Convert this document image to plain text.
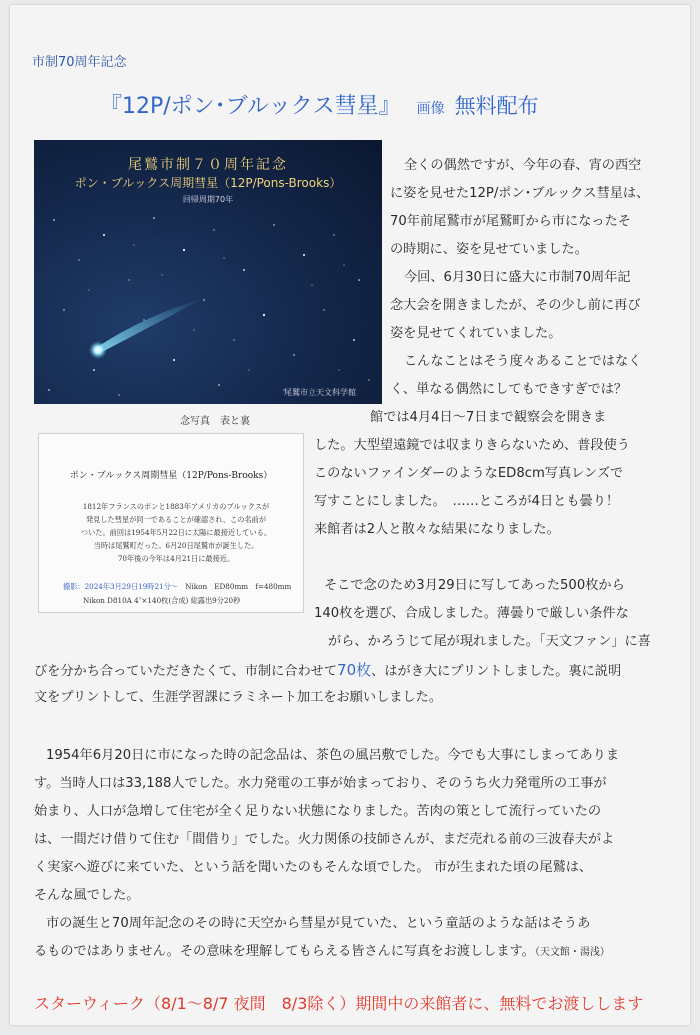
市制70周年記念
『12P/ポン･ブルックス彗星』 画像 無料配布
尾鷲市制７０周年記念
ポン・ブルックス周期彗星（12P/Pons-Brooks）
回帰周期70年
尾鷲市立天文科学館
念写真　表と裏
ポン・ブルックス周期彗星（12P/Pons-Brooks）
1812年フランスのポンと1883年アメリカのブルックスが
発見した彗星が同一であることが確認され、この名前が
ついた。前回は1954年5月22日に太陽に最接近している。
当時は尾鷲町だった。6月20日尾鷲市が誕生した。
70年後の今年は4月21日に最接近。
撮影：2024年3月29日19時21分～　 Nikon　ED80mm　f=480mm
Nikon D810A 4″×140枚(合成) 総露出9分20秒
全くの偶然ですが、今年の春、宵の西空
に姿を見せた12P/ポン･ブルックス彗星は、
70年前尾鷲市が尾鷲町から市になったそ
の時期に、姿を見せていました。
今回、6月30日に盛大に市制70周年記
念大会を開きましたが、その少し前に再び
姿を見せてくれていました。
こんなことはそう度々あることではなく
く、単なる偶然にしてもできすぎでは？
館では4月4日～7日まで観察会を開きま
した。大型望遠鏡では収まりきらないため、普段使う
このないファインダーのようなED8cm写真レンズで
写すことにしました。　……ところが4日とも曇り！
来館者は2人と散々な結果になりました。
そこで念のため3月29日に写してあった500枚から
140枚を選び、合成しました。薄曇りで厳しい条件な
がら、かろうじて尾が現れました。「天文ファン」に喜
びを分かち合っていただきたくて、市制に合わせて70枚、はがき大にプリントしました。裏に説明
文をプリントして、生涯学習課にラミネート加工をお願いしました。
1954年6月20日に市になった時の記念品は、茶色の風呂敷でした。今でも大事にしまってありま
す。当時人口は33,188人でした。水力発電の工事が始まっており、そのうち火力発電所の工事が
始まり、人口が急増して住宅が全く足りない状態になりました。苦肉の策として流行っていたの
は、一間だけ借りて住む「間借り」でした。火力関係の技師さんが、まだ売れる前の三波春夫がよ
く実家へ遊びに来ていた、という話を聞いたのもそんな頃でした。 市が生まれた頃の尾鷲は、
そんな風でした。
市の誕生と70周年記念のその時に天空から彗星が見ていた、という童話のような話はそうあ
るものではありません。その意味を理解してもらえる皆さんに写真をお渡しします。（天文館・湯浅）
スターウィーク（8/1～8/7 夜間　8/3除く）期間中の来館者に、無料でお渡しします
